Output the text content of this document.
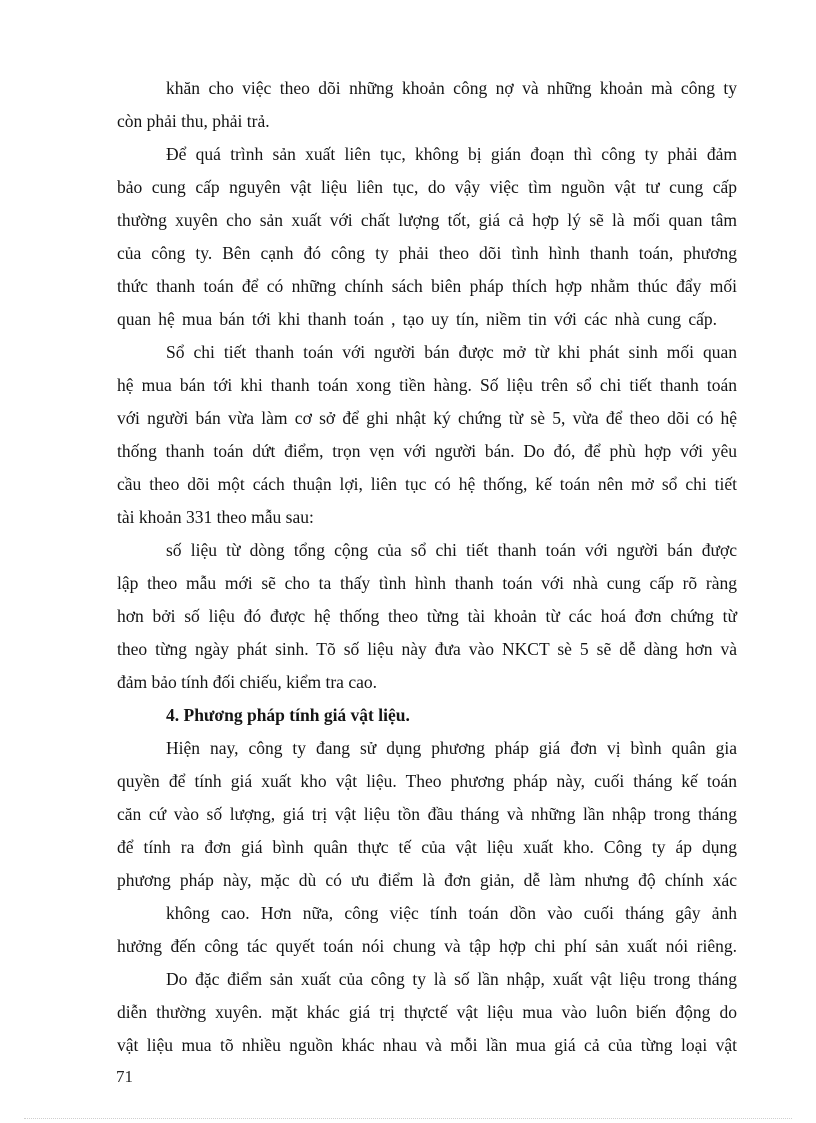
khăn cho việc theo dõi những khoản công nợ và những khoản mà công ty
còn phải thu, phải trả.
Để quá trình sản xuất liên tục, không bị gián đoạn thì công ty phải đảm
bảo cung cấp nguyên vật liệu liên tục, do vậy việc tìm nguồn vật tư cung cấp
thường xuyên cho sản xuất với chất lượng tốt, giá cả hợp lý sẽ là mối quan tâm
của công ty. Bên cạnh đó công ty phải theo dõi tình hình thanh toán, phương
thức thanh toán để có những chính sách biên pháp thích hợp nhằm thúc đẩy mối
quan hệ mua bán tới khi thanh toán , tạo uy tín, niềm tin với các nhà cung cấp.
Sổ chi tiết thanh toán với người bán được mở từ khi phát sinh mối quan
hệ mua bán tới khi thanh toán xong tiền hàng. Số liệu trên sổ chi tiết thanh toán
với người bán vừa làm cơ sở để ghi nhật ký chứng từ sè 5, vừa để theo dõi có hệ
thống thanh toán dứt điểm, trọn vẹn với người bán. Do đó, để phù hợp với yêu
cầu theo dõi một cách thuận lợi, liên tục có hệ thống, kế toán nên mở sổ chi tiết
tài khoản 331 theo mẫu sau:
số liệu từ dòng tổng cộng của sổ chi tiết thanh toán với người bán được
lập theo mẫu mới sẽ cho ta thấy tình hình thanh toán với nhà cung cấp rõ ràng
hơn bởi số liệu đó được hệ thống theo từng tài khoản từ các hoá đơn chứng từ
theo từng ngày phát sinh. Tõ số liệu này đưa vào NKCT sè 5 sẽ dễ dàng hơn và
đảm bảo tính đối chiếu, kiểm tra cao.
4. Phương pháp tính giá vật liệu.
Hiện nay, công ty đang sử dụng phương pháp giá đơn vị bình quân gia
quyền để tính giá xuất kho vật liệu. Theo phương pháp này, cuối tháng kế toán
căn cứ vào số lượng, giá trị vật liệu tồn đầu tháng và những lần nhập trong tháng
để tính ra đơn giá bình quân thực tế của vật liệu xuất kho. Công ty áp dụng
phương pháp này, mặc dù có ưu điểm là đơn giản, dễ làm nhưng độ chính xác
không cao. Hơn nữa, công việc tính toán dồn vào cuối tháng gây ảnh
hưởng đến công tác quyết toán nói chung và tập hợp chi phí sản xuất nói riêng.
Do đặc điểm sản xuất của công ty là số lần nhập, xuất vật liệu trong tháng
diễn thường xuyên. mặt khác giá trị thựctế vật liệu mua vào luôn biến động do
vật liệu mua tõ nhiều nguồn khác nhau và mỗi lần mua giá cả của từng loại vật
71
